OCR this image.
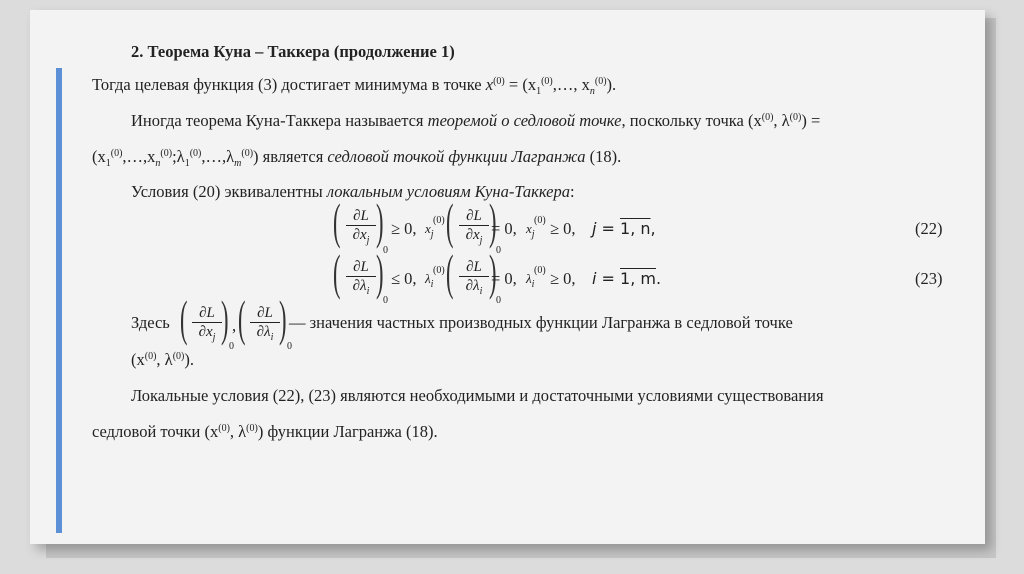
2. Теорема Куна – Таккера (продолжение 1)
Тогда целевая функция (3) достигает минимума в точке $x^{(0)}$ = ($x_1^{(0)},\dots$, $x_n^{(0)}$).
Иногда теорема Куна-Таккера называется теоремой о седловой точке, поскольку точка ($x^{(0)}$, $\lambda^{(0)}$) =
$(x_1^{(0)},\dots,x_n^{(0)};\lambda_1^{(0)},\dots,\lambda_m^{(0)})$ является седловой точкой функции Лагранжа (18).
Условия (20) эквивалентны локальным условиям Куна-Таккера:
( $\frac{\partial L}{\partial x_j}$ )
0
≥ 0, $x_j$
(0) ( $\frac{\partial L}{\partial x_j}$ )
0
= 0, $x_j$
(0) ≥ 0, j = 1, n,	(22)
( $\frac{\partial L}{\partial\lambda_i}$ )
0
≤ 0, $\lambda_i$
(0) ( $\frac{\partial L}{\partial\lambda_i}$ )
0
= 0, $\lambda_i$
(0) ≥ 0, i = 1, m.	(23)
Здесь ( $\frac{\partial L}{\partial x_j}$ )
0
, ( $\frac{\partial L}{\partial\lambda_i}$ )
0
— значения частных производных функции Лагранжа в седловой точке
($x^{(0)}$, $\lambda^{(0)}$).
Локальные условия (22), (23) являются необходимыми и достаточными условиями существования
седловой точки ($x^{(0)}$, $\lambda^{(0)}$) функции Лагранжа (18).
